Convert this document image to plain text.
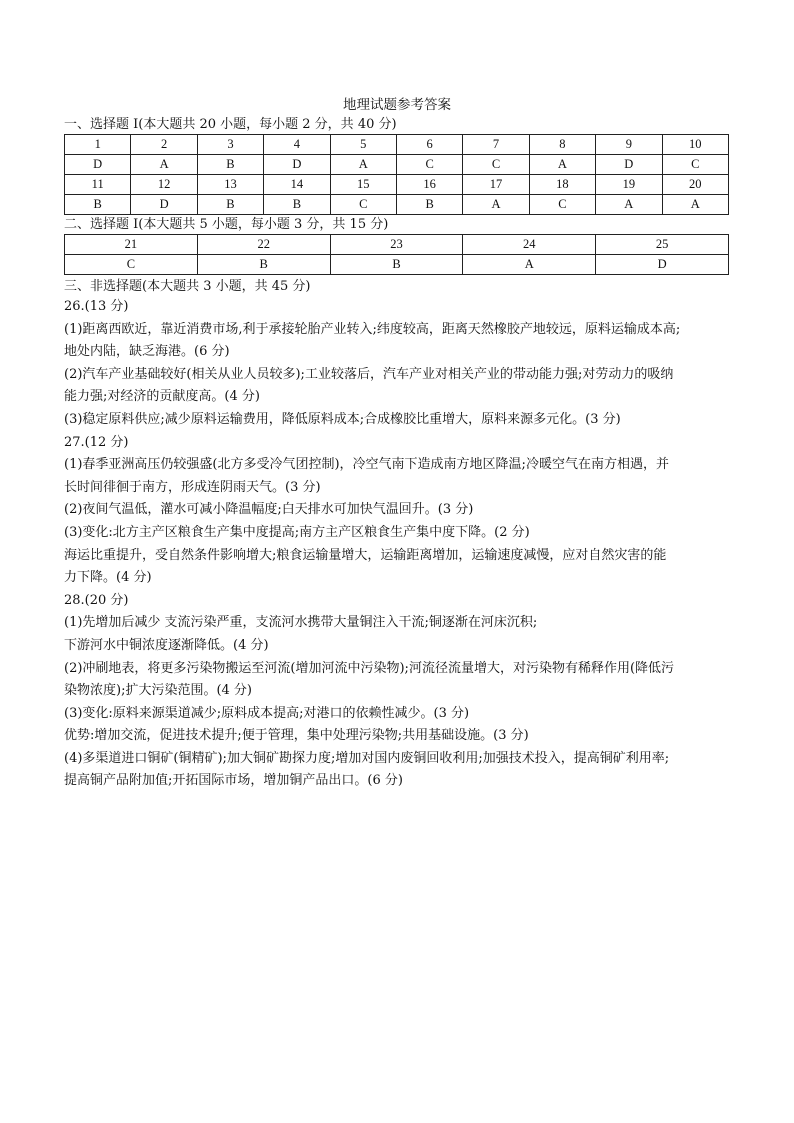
地理试题参考答案
一、选择题 I(本大题共 20 小题，每小题 2 分，共 40 分)
1	2	3	4	5	6	7	8	9	10
D	A	B	D	A	C	C	A	D	C
11	12	13	14	15	16	17	18	19	20
B	D	B	B	C	B	A	C	A	A
二、选择题 I(本大题共 5 小题，每小题 3 分，共 15 分)
21	22	23	24	25
C	B	B	A	D
三、非选择题(本大题共 3 小题，共 45 分)
26.(13 分)
(1)距离西欧近，靠近消费市场,利于承接轮胎产业转入;纬度较高，距离天然橡胶产地较远，原料运输成本高;
地处内陆，缺乏海港。(6 分)
(2)汽车产业基础较好(相关从业人员较多);工业较落后，汽车产业对相关产业的带动能力强;对劳动力的吸纳
能力强;对经济的贡献度高。(4 分)
(3)稳定原料供应;减少原料运输费用，降低原料成本;合成橡胶比重增大，原料来源多元化。(3 分)
27.(12 分)
(1)春季亚洲高压仍较强盛(北方多受冷气团控制)，冷空气南下造成南方地区降温;冷暖空气在南方相遇，并
长时间徘徊于南方，形成连阴雨天气。(3 分)
(2)夜间气温低，灌水可减小降温幅度;白天排水可加快气温回升。(3 分)
(3)变化:北方主产区粮食生产集中度提高;南方主产区粮食生产集中度下降。(2 分)
海运比重提升，受自然条件影响增大;粮食运输量增大，运输距离增加，运输速度减慢，应对自然灾害的能
力下降。(4 分)
28.(20 分)
(1)先增加后减少 支流污染严重，支流河水携带大量铜注入干流;铜逐渐在河床沉积;
下游河水中铜浓度逐渐降低。(4 分)
(2)冲刷地表，将更多污染物搬运至河流(增加河流中污染物);河流径流量增大，对污染物有稀释作用(降低污
染物浓度);扩大污染范围。(4 分)
(3)变化:原料来源渠道减少;原料成本提高;对港口的依赖性减少。(3 分)
优势:增加交流，促进技术提升;便于管理，集中处理污染物;共用基础设施。(3 分)
(4)多渠道进口铜矿(铜精矿);加大铜矿勘探力度;增加对国内废铜回收利用;加强技术投入，提高铜矿利用率;
提高铜产品附加值;开拓国际市场，增加铜产品出口。(6 分)
